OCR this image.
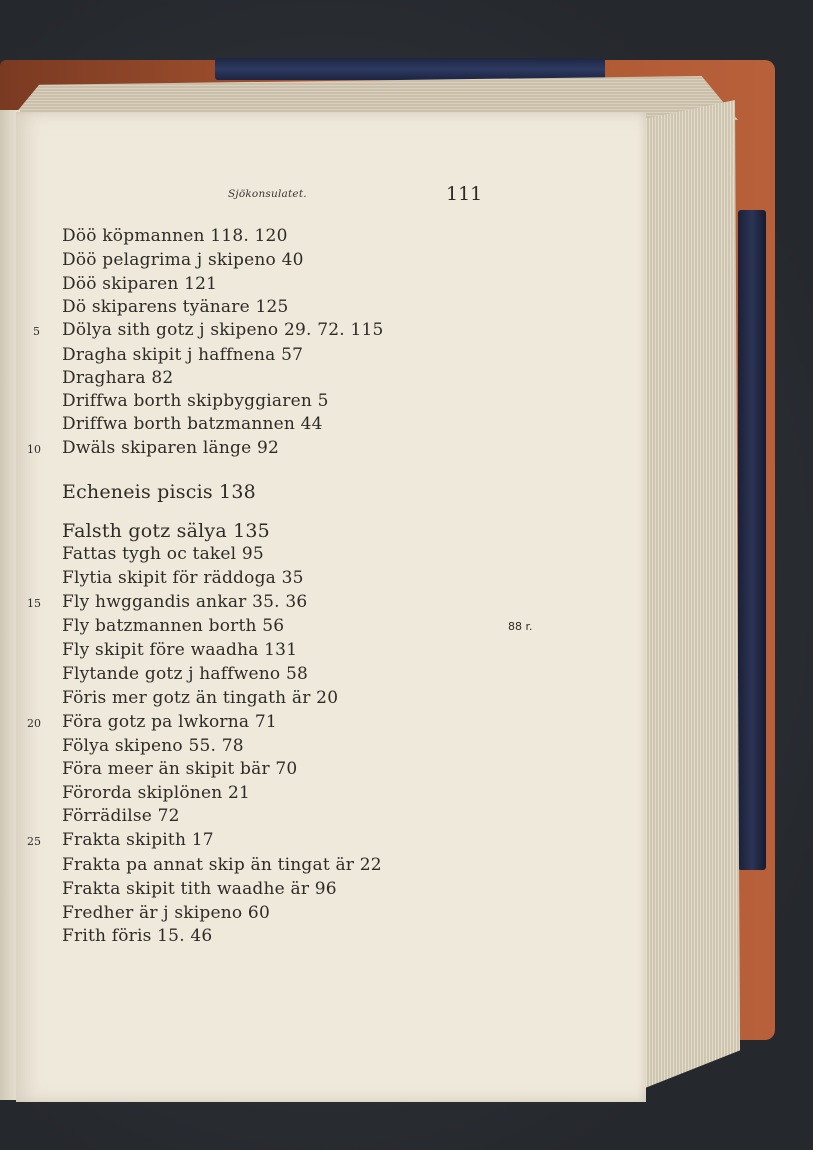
Sjökonsulatet.	111
88 r.
Döö köpmannen 118. 120
Döö pelagrima j skipeno 40
Döö skiparen 121
Dö skiparens tyänare 125
Dölya sith gotz j skipeno 29. 72. 115
Dragha skipit j haffnena 57
Draghara 82
Driffwa borth skipbyggiaren 5
Driffwa borth batzmannen 44
Dwäls skiparen länge 92
Echeneis piscis 138
Falsth gotz sälya 135
Fattas tygh oc takel 95
Flytia skipit för räddoga 35
Fly hwggandis ankar 35. 36
Fly batzmannen borth 56
Fly skipit före waadha 131
Flytande gotz j haffweno 58
Föris mer gotz än tingath är 20
Föra gotz pa lwkorna 71
Fölya skipeno 55. 78
Föra meer än skipit bär 70
Förorda skiplönen 21
Förrädilse 72
Frakta skipith 17
Frakta pa annat skip än tingat är 22
Frakta skipit tith waadhe är 96
Fredher är j skipeno 60
Frith föris 15. 46
5
10
15
20
25
